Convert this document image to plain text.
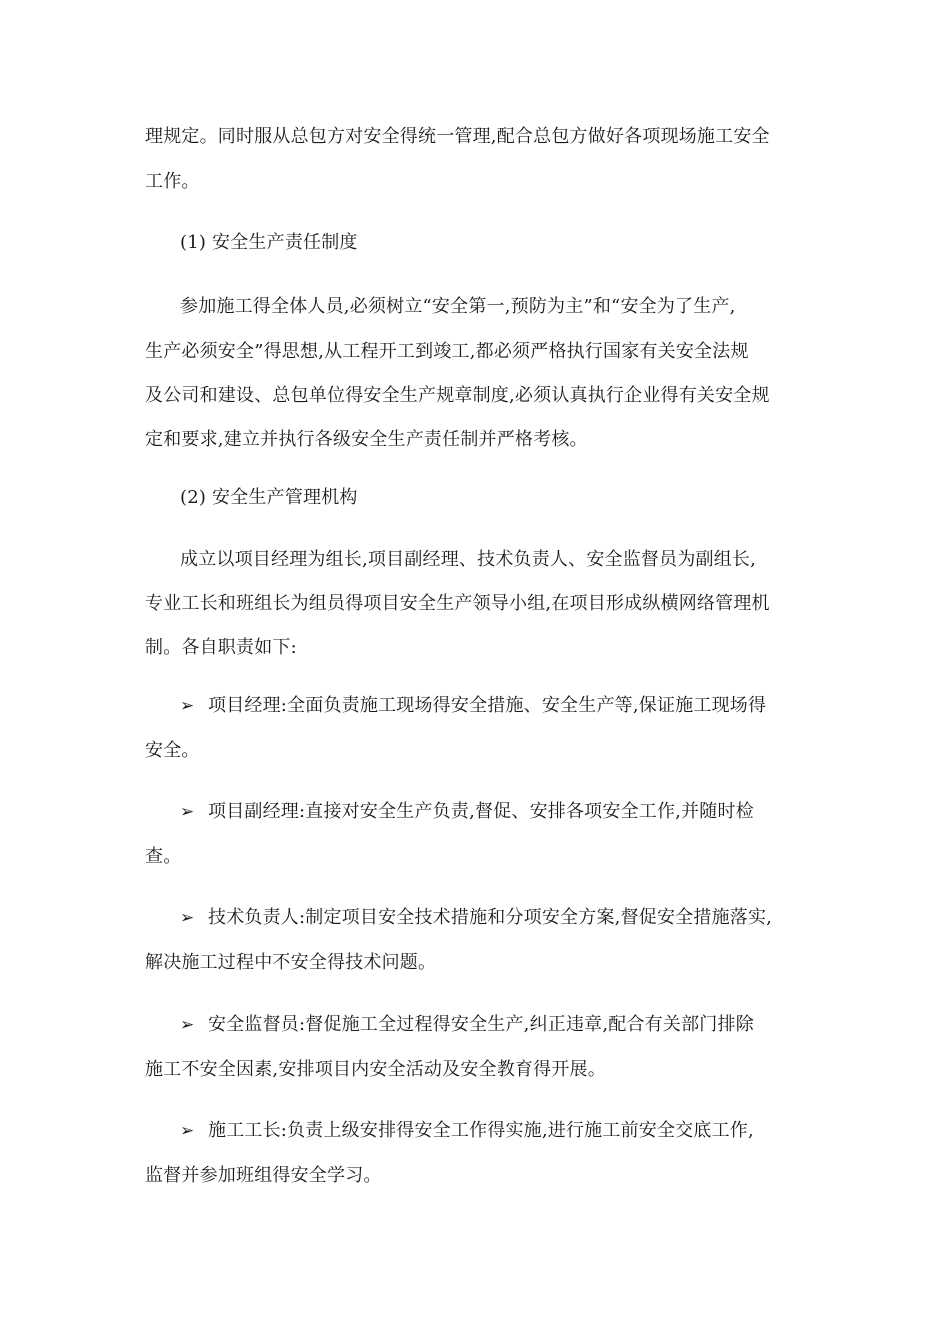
理规定。同时服从总包方对安全得统一管理,配合总包方做好各项现场施工安全
工作。
(1) 安全生产责任制度
参加施工得全体人员,必须树立“安全第一,预防为主”和“安全为了生产,
生产必须安全”得思想,从工程开工到竣工,都必须严格执行国家有关安全法规
及公司和建设、总包单位得安全生产规章制度,必须认真执行企业得有关安全规
定和要求,建立并执行各级安全生产责任制并严格考核。
(2) 安全生产管理机构
成立以项目经理为组长,项目副经理、技术负责人、安全监督员为副组长,
专业工长和班组长为组员得项目安全生产领导小组,在项目形成纵横网络管理机
制。各自职责如下:
➢ 项目经理:全面负责施工现场得安全措施、安全生产等,保证施工现场得
安全。
➢ 项目副经理:直接对安全生产负责,督促、安排各项安全工作,并随时检
查。
➢ 技术负责人:制定项目安全技术措施和分项安全方案,督促安全措施落实,
解决施工过程中不安全得技术问题。
➢ 安全监督员:督促施工全过程得安全生产,纠正违章,配合有关部门排除
施工不安全因素,安排项目内安全活动及安全教育得开展。
➢ 施工工长:负责上级安排得安全工作得实施,进行施工前安全交底工作,
监督并参加班组得安全学习。
